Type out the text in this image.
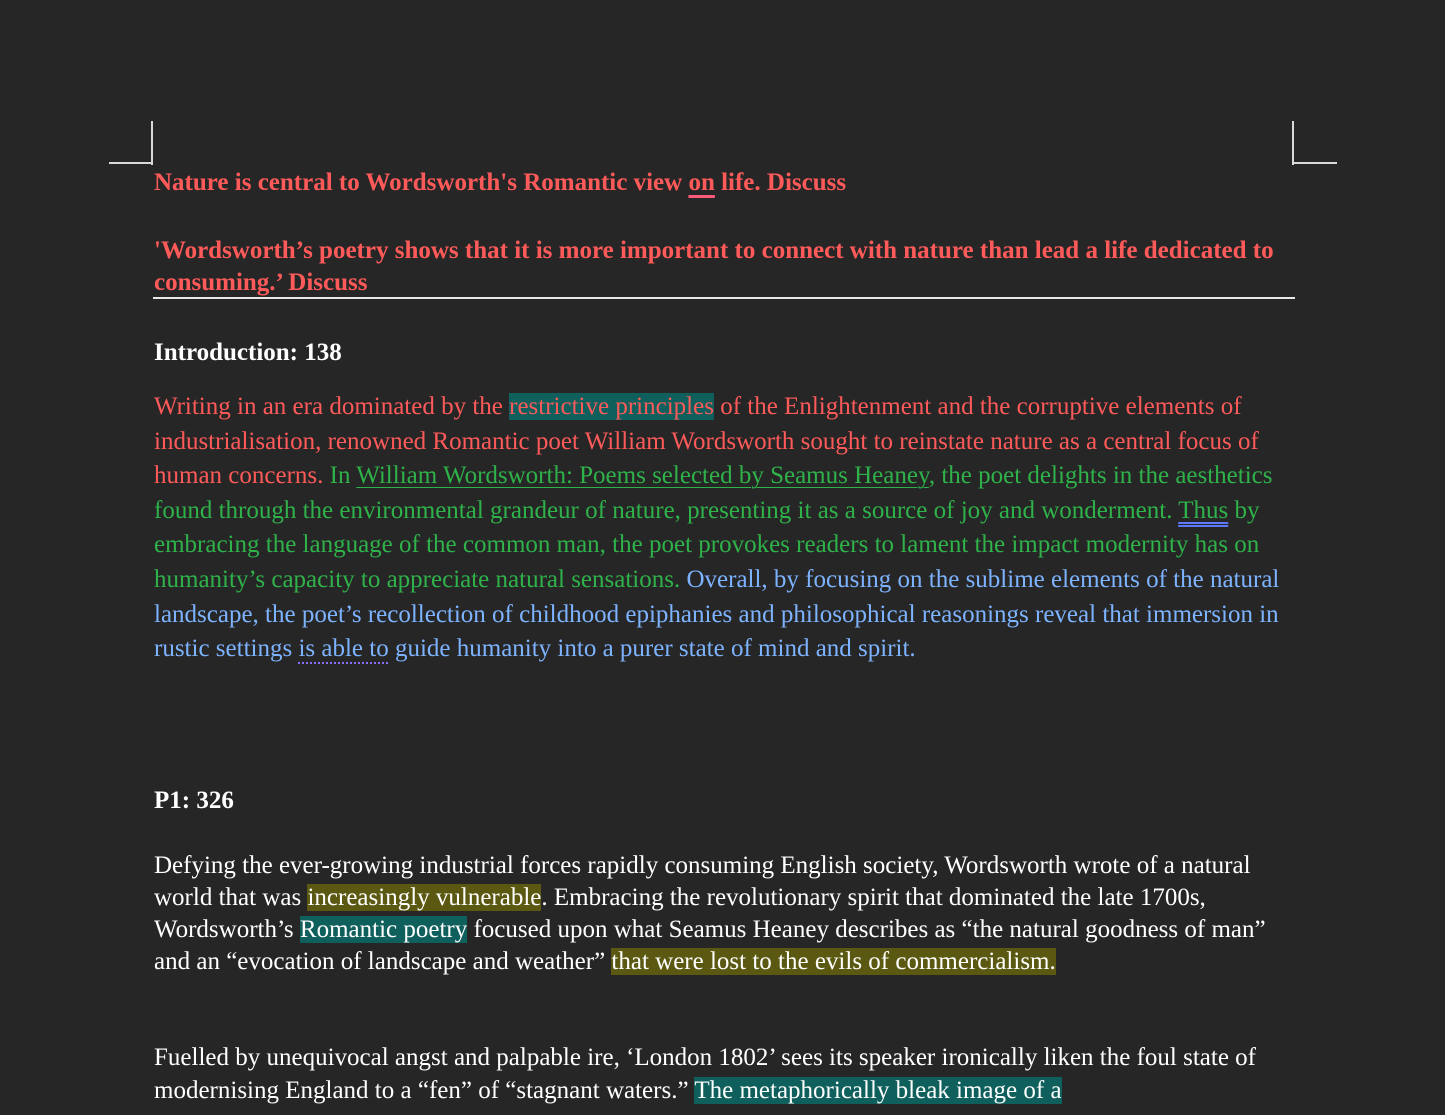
Nature is central to Wordsworth's Romantic view on life. Discuss

'Wordsworth’s poetry shows that it is more important to connect with nature than lead a life dedicated to consuming.’ Discuss

Introduction: 138

Writing in an era dominated by the restrictive principles of the Enlightenment and the corruptive elements of industrialisation, renowned Romantic poet William Wordsworth sought to reinstate nature as a central focus of human concerns. In William Wordsworth: Poems selected by Seamus Heaney, the poet delights in the aesthetics found through the environmental grandeur of nature, presenting it as a source of joy and wonderment. Thus by embracing the language of the common man, the poet provokes readers to lament the impact modernity has on humanity’s capacity to appreciate natural sensations. Overall, by focusing on the sublime elements of the natural landscape, the poet’s recollection of childhood epiphanies and philosophical reasonings reveal that immersion in rustic settings is able to guide humanity into a purer state of mind and spirit.

P1: 326

Defying the ever-growing industrial forces rapidly consuming English society, Wordsworth wrote of a natural world that was increasingly vulnerable. Embracing the revolutionary spirit that dominated the late 1700s, Wordsworth’s Romantic poetry focused upon what Seamus Heaney describes as “the natural goodness of man” and an “evocation of landscape and weather” that were lost to the evils of commercialism.

Fuelled by unequivocal angst and palpable ire, ‘London 1802’ sees its speaker ironically liken the foul state of modernising England to a “fen” of “stagnant waters.” The metaphorically bleak image of a
